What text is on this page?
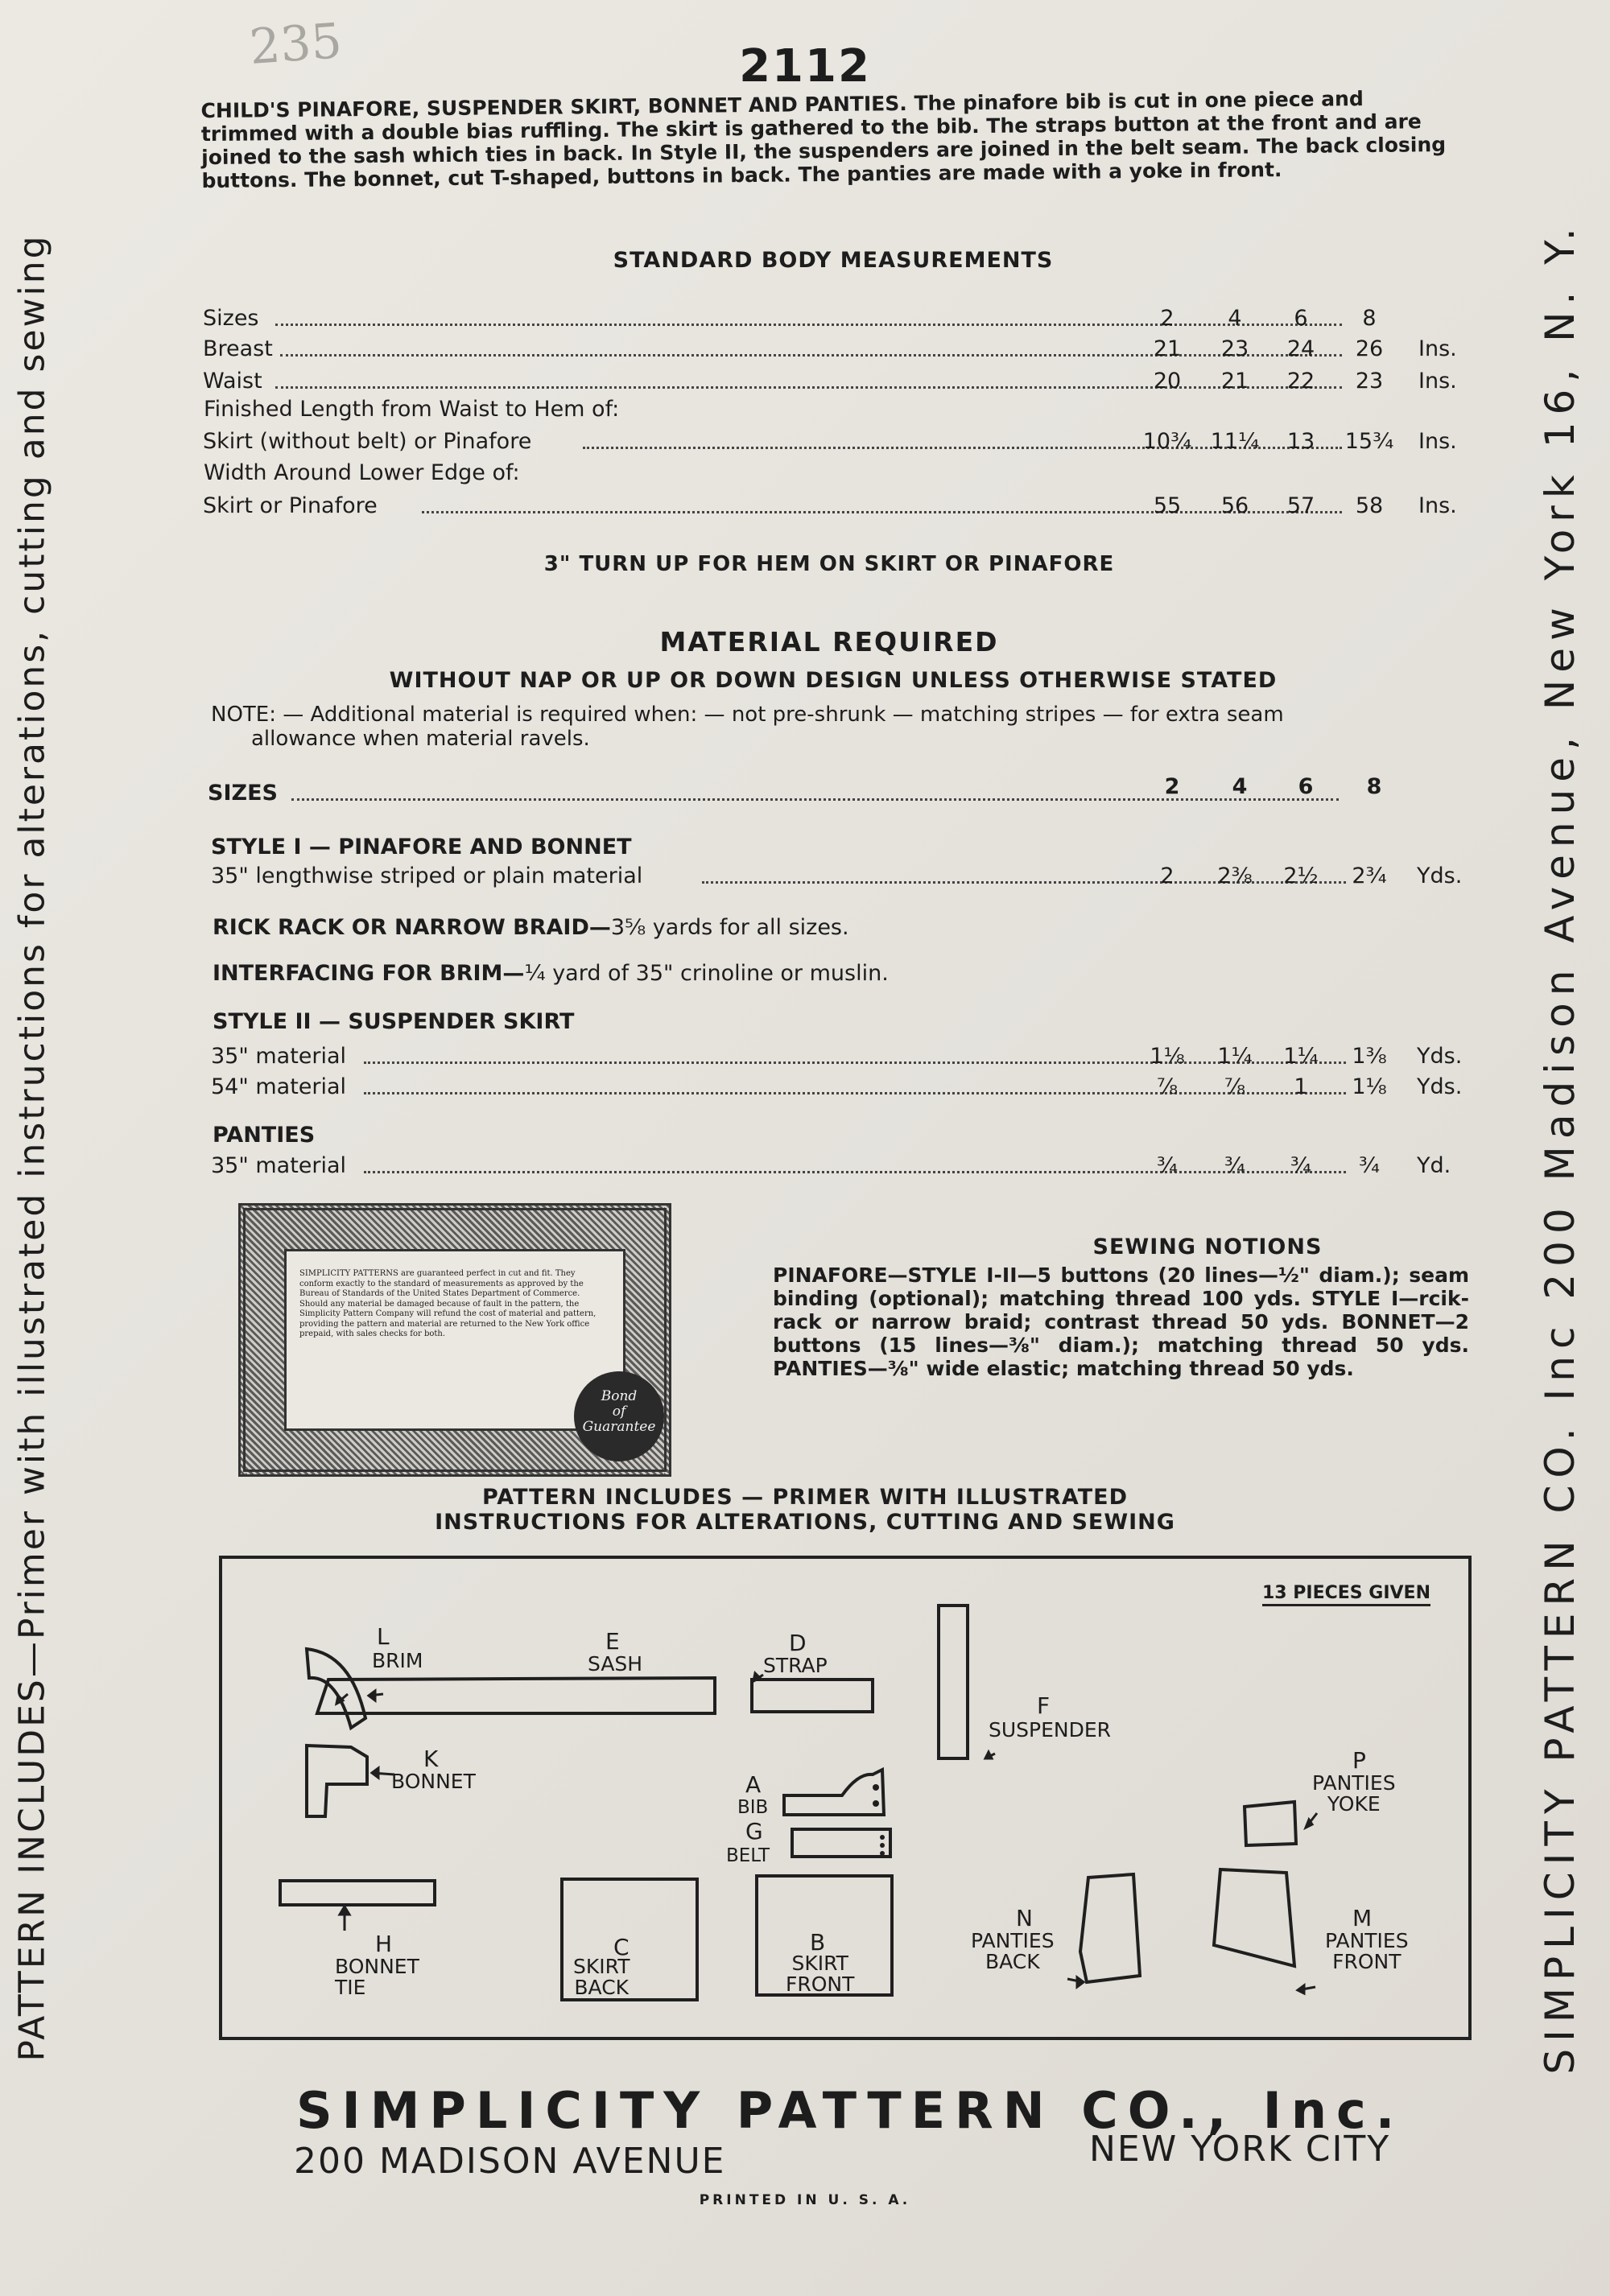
PATTERN INCLUDES—Primer with illustrated instructions for alterations, cutting and sewing	SIMPLICITY PATTERN CO. Inc 200 Madison Avenue, New York 16, N. Y.
235	2112
CHILD'S PINAFORE, SUSPENDER SKIRT, BONNET AND PANTIES. The pinafore bib is cut in one piece and trimmed with a double bias ruffling. The skirt is gathered to the bib. The straps button at the front and are joined to the sash which ties in back. In Style II, the suspenders are joined in the belt seam. The back closing buttons. The bonnet, cut T-shaped, buttons in back. The panties are made with a yoke in front.
STANDARD BODY MEASUREMENTS
Sizes	2	4	6	8
Breast	21	23	24	26	Ins.
Waist	20	21	22	23	Ins.
Finished Length from Waist to Hem of:
Skirt (without belt) or Pinafore	10¾ 11¼	13	15¾	Ins.
Width Around Lower Edge of:
Skirt or Pinafore	55	56	57	58	Ins.
3" TURN UP FOR HEM ON SKIRT OR PINAFORE
MATERIAL REQUIRED
WITHOUT NAP OR UP OR DOWN DESIGN UNLESS OTHERWISE STATED
NOTE: — Additional material is required when: — not pre-shrunk — matching stripes — for extra seam
allowance when material ravels.
SIZES	2	4	6	8
STYLE I — PINAFORE AND BONNET
35" lengthwise striped or plain material	2	2⅜	2½	2¾	Yds.
RICK RACK OR NARROW BRAID—3⅝ yards for all sizes.
INTERFACING FOR BRIM—¼ yard of 35" crinoline or muslin.
STYLE II — SUSPENDER SKIRT
35" material	1⅛	1¼	1¼	1⅜	Yds.
54" material	⅞	⅞	1	1⅛	Yds.
PANTIES
35" material	¾	¾	¾	¾	Yd.
SIMPLICITY PATTERNS are guaranteed perfect in cut and fit. They conform exactly to the standard of measurements as approved by the Bureau of Standards of the United States Department of Commerce. Should any material be damaged because of fault in the pattern, the Simplicity Pattern Company will refund the cost of material and pattern, providing the pattern and material are returned to the New York office prepaid, with sales checks for both.
Bond
of
Guarantee
SEWING NOTIONS
PINAFORE—STYLE I-II—5 buttons (20 lines—½" diam.); seam binding (optional); matching thread 100 yds. STYLE I—rcik-rack or narrow braid; contrast thread 50 yds. BONNET—2 buttons (15 lines—⅜" diam.); matching thread 50 yds. PANTIES—⅜" wide elastic; matching thread 50 yds.
PATTERN INCLUDES — PRIMER WITH ILLUSTRATED
INSTRUCTIONS FOR ALTERATIONS, CUTTING AND SEWING
13 PIECES GIVEN
L
BRIM
K
BONNET
H
BONNET
TIE
E
SASH
D
STRAP
F
SUSPENDER
A
BIB
G
BELT
C
SKIRT
BACK
B
SKIRT
FRONT
N
PANTIES
BACK
P
PANTIES
YOKE
M
PANTIES
FRONT
SIMPLICITY PATTERN CO., Inc.
200 MADISON AVENUE	NEW YORK CITY
PRINTED IN U. S. A.
